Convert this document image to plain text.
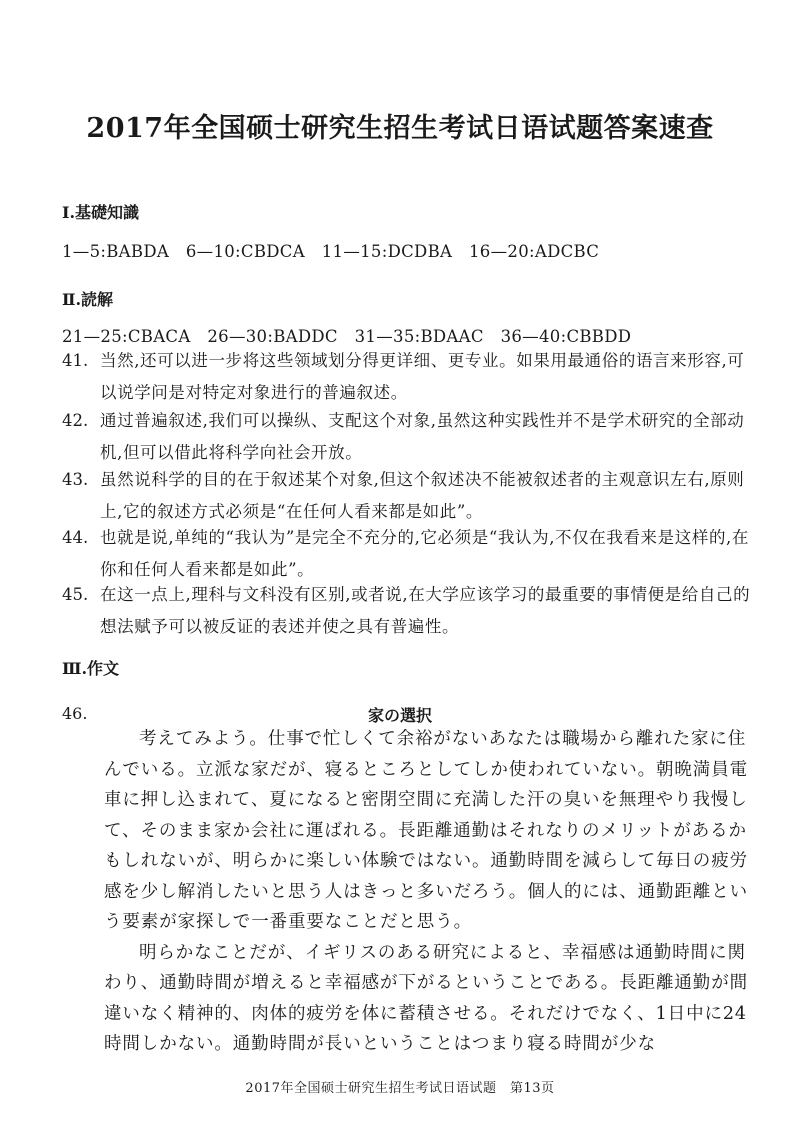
2017年全国硕士研究生招生考试日语试题答案速查
Ⅰ.基礎知識
1—5:BABDA　6—10:CBDCA　11—15:DCDBA　16—20:ADCBC
Ⅱ.読解
21—25:CBACA　26—30:BADDC　31—35:BDAAC　36—40:CBBDD
41. 当然,还可以进一步将这些领域划分得更详细、更专业。如果用最通俗的语言来形容,可以说学问是对特定对象进行的普遍叙述。
42. 通过普遍叙述,我们可以操纵、支配这个对象,虽然这种实践性并不是学术研究的全部动机,但可以借此将科学向社会开放。
43. 虽然说科学的目的在于叙述某个对象,但这个叙述决不能被叙述者的主观意识左右,原则上,它的叙述方式必须是“在任何人看来都是如此”。
44. 也就是说,单纯的“我认为”是完全不充分的,它必须是“我认为,不仅在我看来是这样的,在你和任何人看来都是如此”。
45. 在这一点上,理科与文科没有区别,或者说,在大学应该学习的最重要的事情便是给自己的想法赋予可以被反证的表述并使之具有普遍性。
Ⅲ.作文
46.	家の選択

考えてみよう。仕事で忙しくて余裕がないあなたは職場から離れた家に住んでいる。立派な家だが、寝るところとしてしか使われていない。朝晩満員電車に押し込まれて、夏になると密閉空間に充満した汗の臭いを無理やり我慢して、そのまま家か会社に運ばれる。長距離通勤はそれなりのメリットがあるかもしれないが、明らかに楽しい体験ではない。通勤時間を減らして毎日の疲労感を少し解消したいと思う人はきっと多いだろう。個人的には、通勤距離という要素が家探しで一番重要なことだと思う。

明らかなことだが、イギリスのある研究によると、幸福感は通勤時間に関わり、通勤時間が増えると幸福感が下がるということである。長距離通勤が間違いなく精神的、肉体的疲労を体に蓄積させる。それだけでなく、1日中に24時間しかない。通勤時間が長いということはつまり寝る時間が少な

2017年全国硕士研究生招生考试日语试题　第13页
